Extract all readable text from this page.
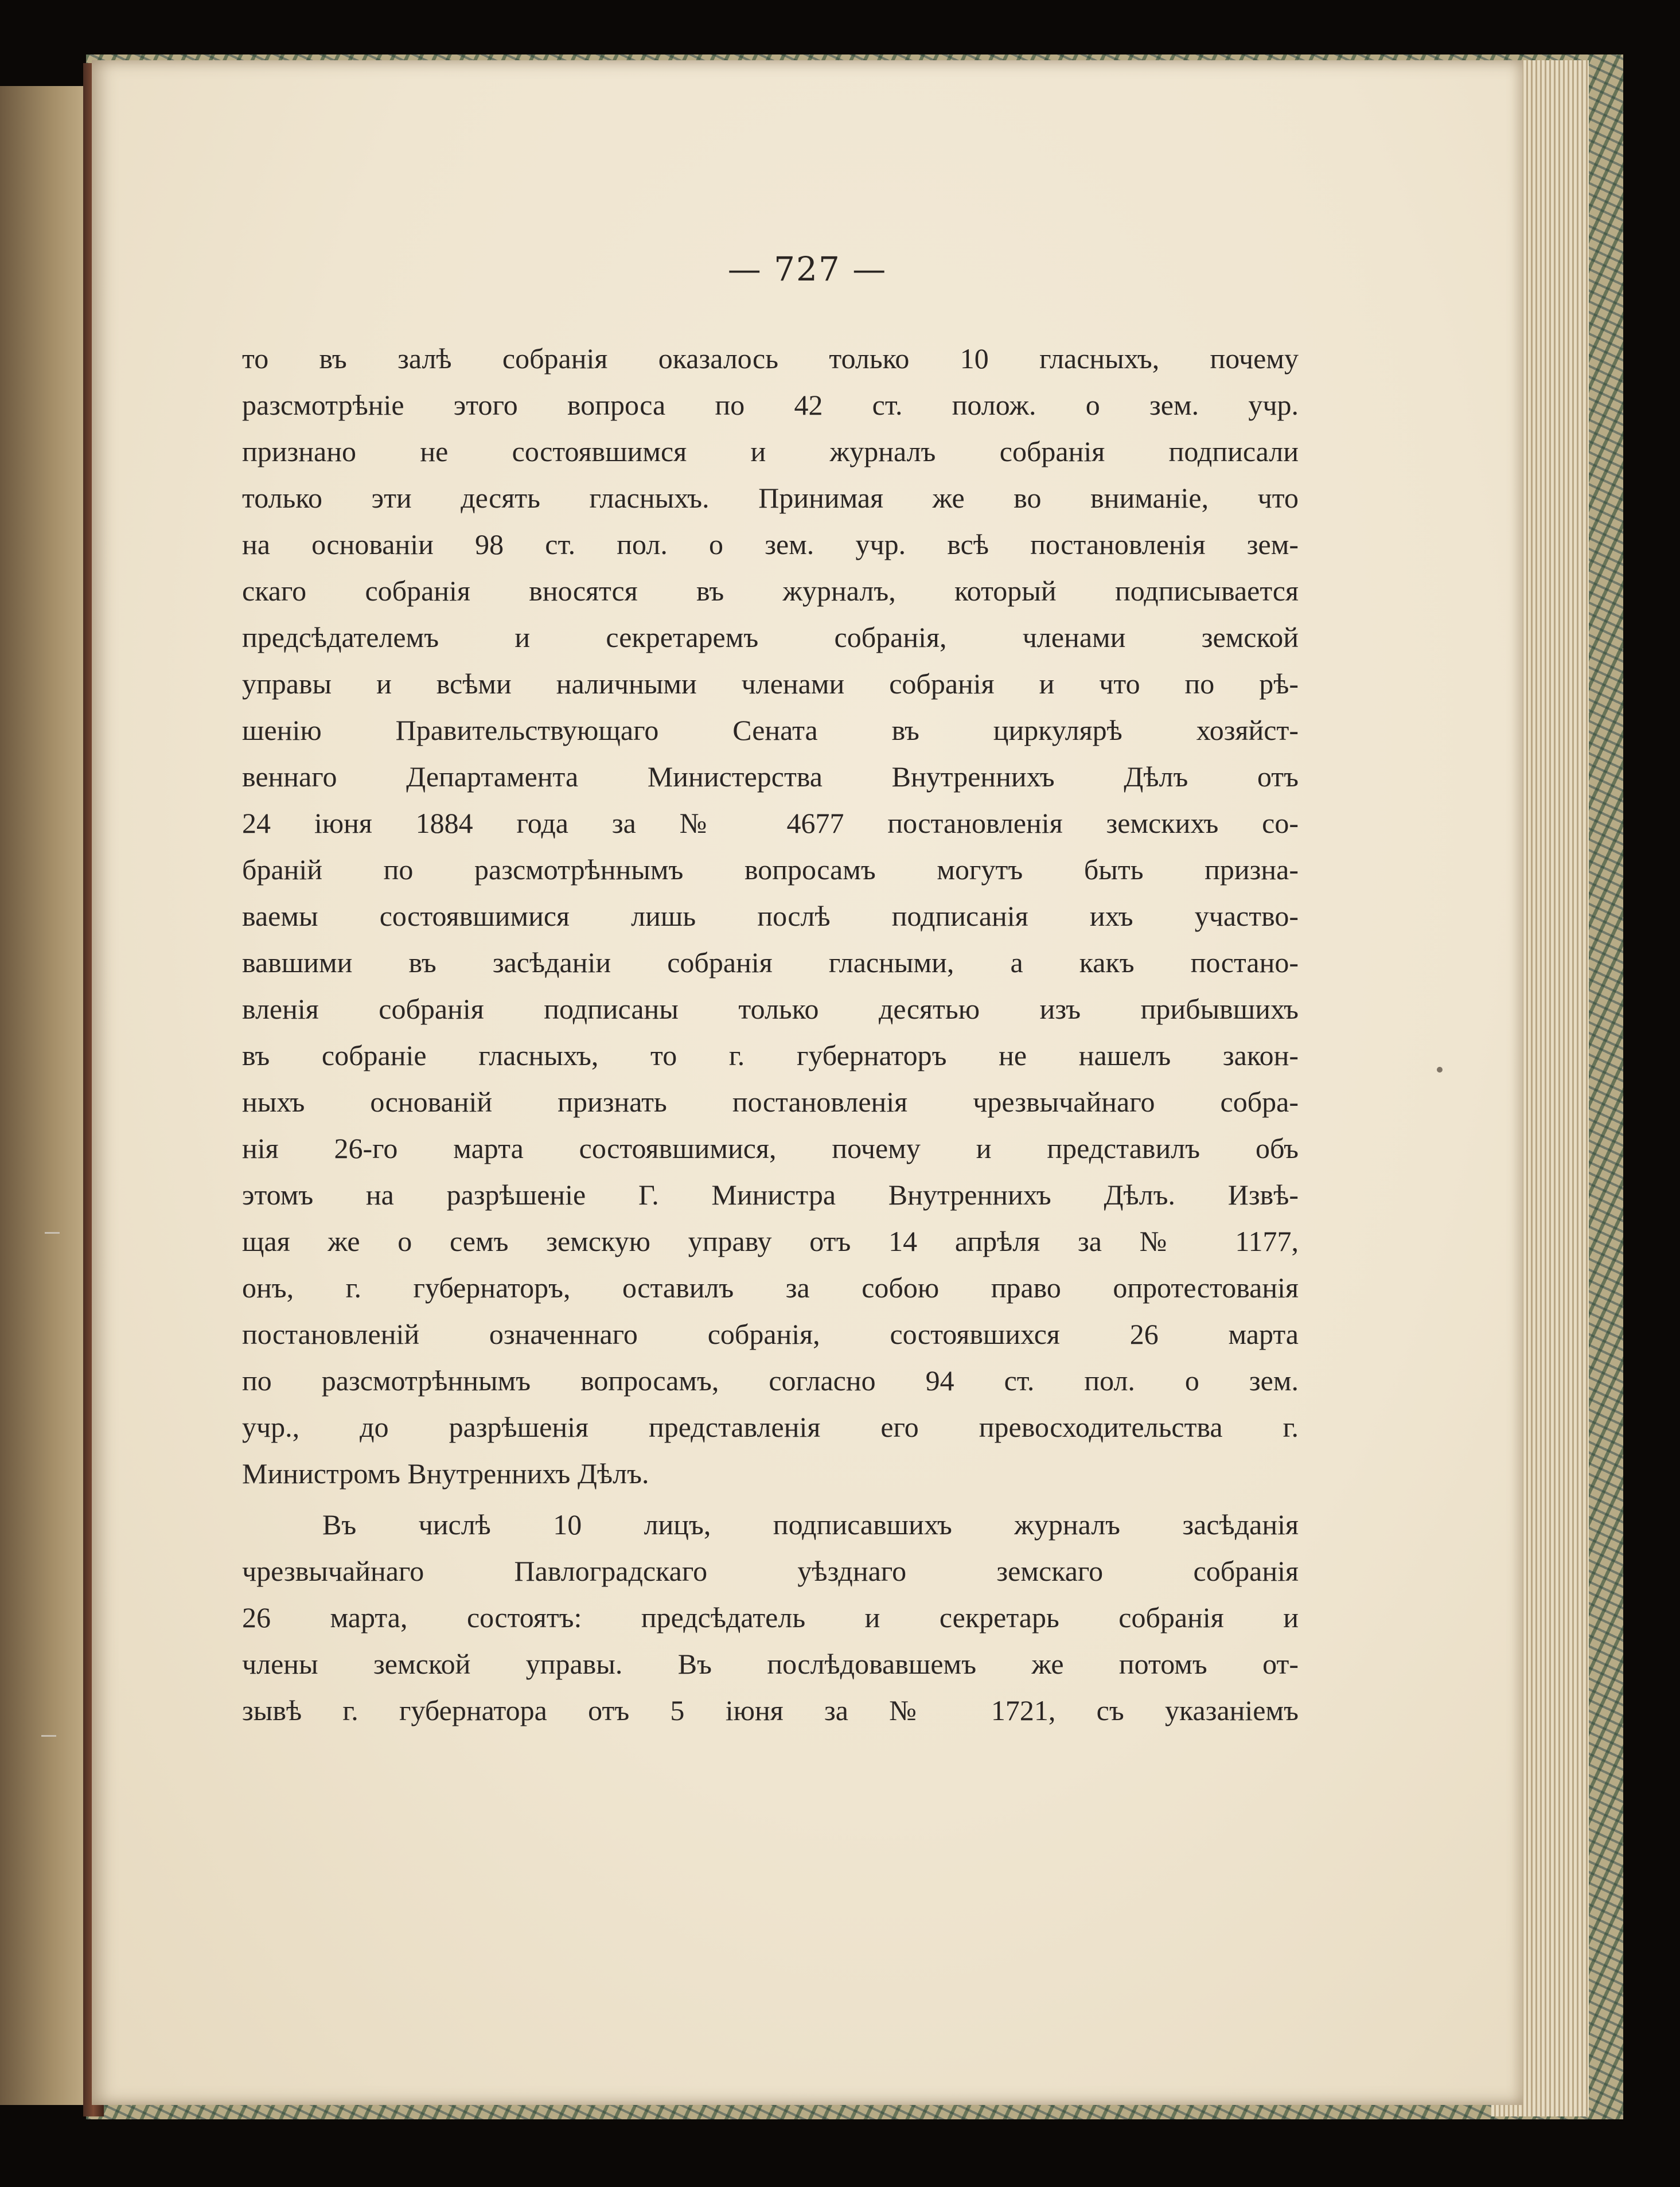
— 727 —
то въ залѣ собранія оказалось только 10 гласныхъ, почему
разсмотрѣніе этого вопроса по 42 ст. полож. о зем. учр.
признано не состоявшимся и журналъ собранія подписали
только эти десять гласныхъ. Принимая же во вниманіе, что
на основаніи 98 ст. пол. о зем. учр. всѣ постановленія зем-
скаго собранія вносятся въ журналъ, который подписывается
предсѣдателемъ и секретаремъ собранія, членами земской
управы и всѣми наличными членами собранія и что по рѣ-
шенію Правительствующаго Сената въ циркулярѣ хозяйст-
веннаго Департамента Министерства Внутреннихъ Дѣлъ отъ
24 іюня 1884 года за № 4677 постановленія земскихъ со-
браній по разсмотрѣннымъ вопросамъ могутъ быть призна-
ваемы состоявшимися лишь послѣ подписанія ихъ участво-
вавшими въ засѣданіи собранія гласными, а какъ постано-
вленія собранія подписаны только десятью изъ прибывшихъ
въ собраніе гласныхъ, то г. губернаторъ не нашелъ закон-
ныхъ основаній признать постановленія чрезвычайнаго собра-
нія 26-го марта состоявшимися, почему и представилъ объ
этомъ на разрѣшеніе Г. Министра Внутреннихъ Дѣлъ. Извѣ-
щая же о семъ земскую управу отъ 14 апрѣля за № 1177,
онъ, г. губернаторъ, оставилъ за собою право опротестованія
постановленій означеннаго собранія, состоявшихся 26 марта
по разсмотрѣннымъ вопросамъ, согласно 94 ст. пол. о зем.
учр., до разрѣшенія представленія его превосходительства г.
Министромъ Внутреннихъ Дѣлъ.
Въ числѣ 10 лицъ, подписавшихъ журналъ засѣданія
чрезвычайнаго Павлоградскаго уѣзднаго земскаго собранія
26 марта, состоятъ: предсѣдатель и секретарь собранія и
члены земской управы. Въ послѣдовавшемъ же потомъ от-
зывѣ г. губернатора отъ 5 іюня за № 1721, съ указаніемъ
